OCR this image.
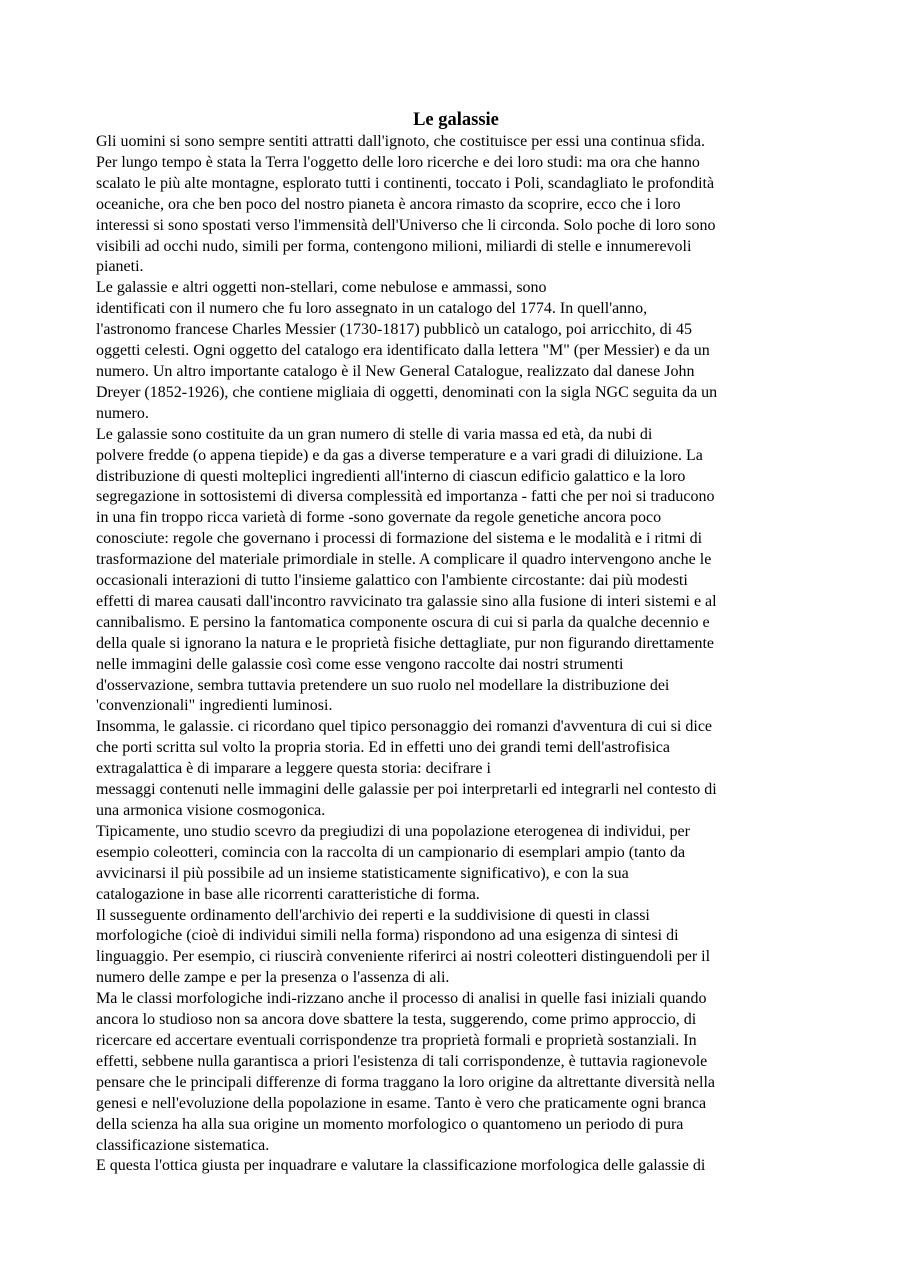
Le galassie

Gli uomini si sono sempre sentiti attratti dall'ignoto, che costituisce per essi una continua sfida.
Per lungo tempo è stata la Terra l'oggetto delle loro ricerche e dei loro studi: ma ora che hanno
scalato le più alte montagne, esplorato tutti i continenti, toccato i Poli, scandagliato le profondità
oceaniche, ora che ben poco del nostro pianeta è ancora rimasto da scoprire, ecco che i loro
interessi si sono spostati verso l'immensità dell'Universo che li circonda. Solo poche di loro sono
visibili ad occhi nudo, simili per forma, contengono milioni, miliardi di stelle e innumerevoli
pianeti.

Le galassie e altri oggetti non-stellari, come nebulose e ammassi, sono
identificati con il numero che fu loro assegnato in un catalogo del 1774. In quell'anno,
l'astronomo francese Charles Messier (1730-1817) pubblicò un catalogo, poi arricchito, di 45
oggetti celesti. Ogni oggetto del catalogo era identificato dalla lettera "M" (per Messier) e da un
numero. Un altro importante catalogo è il New General Catalogue, realizzato dal danese John
Dreyer (1852-1926), che contiene migliaia di oggetti, denominati con la sigla NGC seguita da un
numero.

Le galassie sono costituite da un gran numero di stelle di varia massa ed età, da nubi di
polvere fredde (o appena tiepide) e da gas a diverse temperature e a vari gradi di diluizione. La
distribuzione di questi molteplici ingredienti all'interno di ciascun edificio galattico e la loro
segregazione in sottosistemi di diversa complessità ed importanza - fatti che per noi si traducono
in una fin troppo ricca varietà di forme -sono governate da regole genetiche ancora poco
conosciute: regole che governano i processi di formazione del sistema e le modalità e i ritmi di
trasformazione del materiale primordiale in stelle. A complicare il quadro intervengono anche le
occasionali interazioni di tutto l'insieme galattico con l'ambiente circostante: dai più modesti
effetti di marea causati dall'incontro ravvicinato tra galassie sino alla fusione di interi sistemi e al
cannibalismo. E persino la fantomatica componente oscura di cui si parla da qualche decennio e
della quale si ignorano la natura e le proprietà fisiche dettagliate, pur non figurando direttamente
nelle immagini delle galassie così come esse vengono raccolte dai nostri strumenti
d'osservazione, sembra tuttavia pretendere un suo ruolo nel modellare la distribuzione dei
'convenzionali" ingredienti luminosi.

Insomma, le galassie. ci ricordano quel tipico personaggio dei romanzi d'avventura di cui si dice
che porti scritta sul volto la propria storia. Ed in effetti uno dei grandi temi dell'astrofisica
extragalattica è di imparare a leggere questa storia: decifrare i
messaggi contenuti nelle immagini delle galassie per poi interpretarli ed integrarli nel contesto di
una armonica visione cosmogonica.

Tipicamente, uno studio scevro da pregiudizi di una popolazione eterogenea di individui, per
esempio coleotteri, comincia con la raccolta di un campionario di esemplari ampio (tanto da
avvicinarsi il più possibile ad un insieme statisticamente significativo), e con la sua
catalogazione in base alle ricorrenti caratteristiche di forma.

Il susseguente ordinamento dell'archivio dei reperti e la suddivisione di questi in classi
morfologiche (cioè di individui simili nella forma) rispondono ad una esigenza di sintesi di
linguaggio. Per esempio, ci riuscirà conveniente riferirci ai nostri coleotteri distinguendoli per il
numero delle zampe e per la presenza o l'assenza di ali.

Ma le classi morfologiche indi-rizzano anche il processo di analisi in quelle fasi iniziali quando
ancora lo studioso non sa ancora dove sbattere la testa, suggerendo, come primo approccio, di
ricercare ed accertare eventuali corrispondenze tra proprietà formali e proprietà sostanziali. In
effetti, sebbene nulla garantisca a priori l'esistenza di tali corrispondenze, è tuttavia ragionevole
pensare che le principali differenze di forma traggano la loro origine da altrettante diversità nella
genesi e nell'evoluzione della popolazione in esame. Tanto è vero che praticamente ogni branca
della scienza ha alla sua origine un momento morfologico o quantomeno un periodo di pura
classificazione sistematica.

E questa l'ottica giusta per inquadrare e valutare la classificazione morfologica delle galassie di
